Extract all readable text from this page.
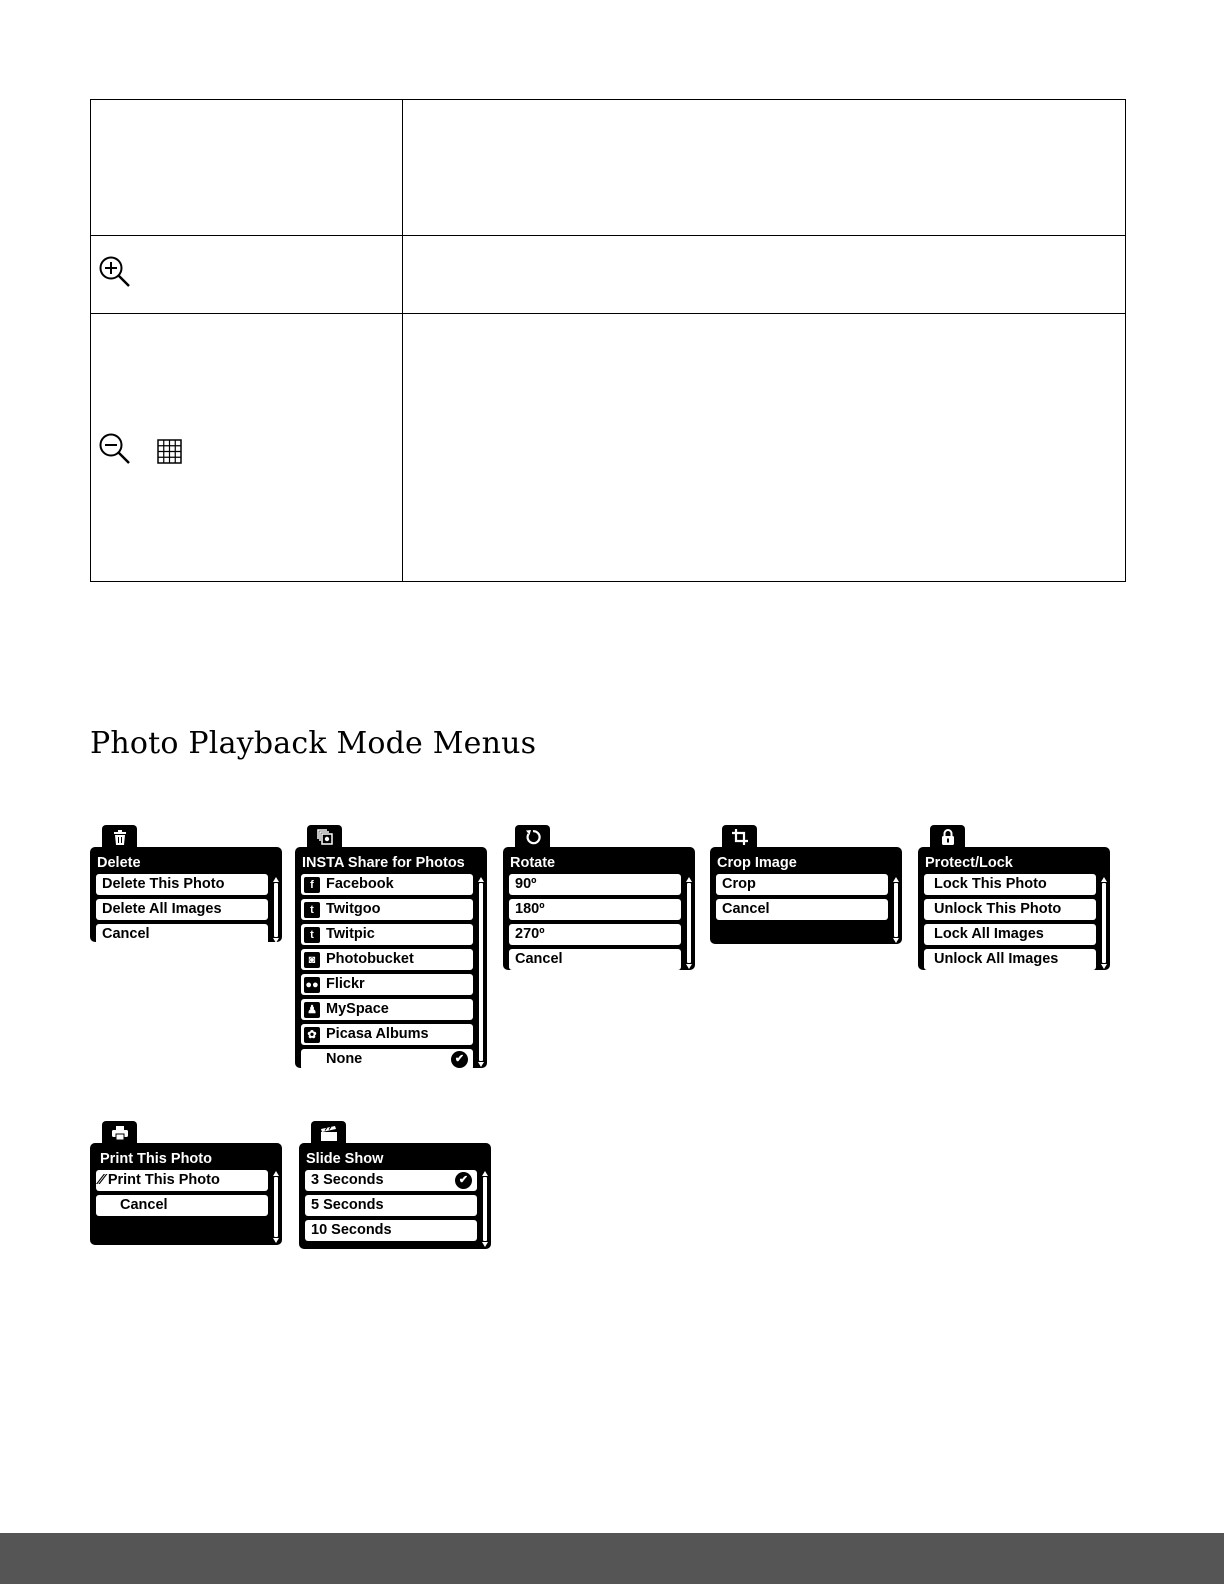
Photo Playback Mode Menus
Delete
Delete This Photo
Delete All Images
Cancel
INSTA Share for Photos
f Facebook
t Twitgoo
t Twitpic
◙ Photobucket
●● Flickr
♟ MySpace
✿ Picasa Albums
None	✔
Rotate
90º
180º
270º
Cancel
Crop Image
Crop
Cancel
Protect/Lock
Lock This Photo
Unlock This Photo
Lock All Images
Unlock All Images
Print This Photo
⁄⁄ Print This Photo
Cancel
Slide Show
3 Seconds	✔
5 Seconds
10 Seconds
